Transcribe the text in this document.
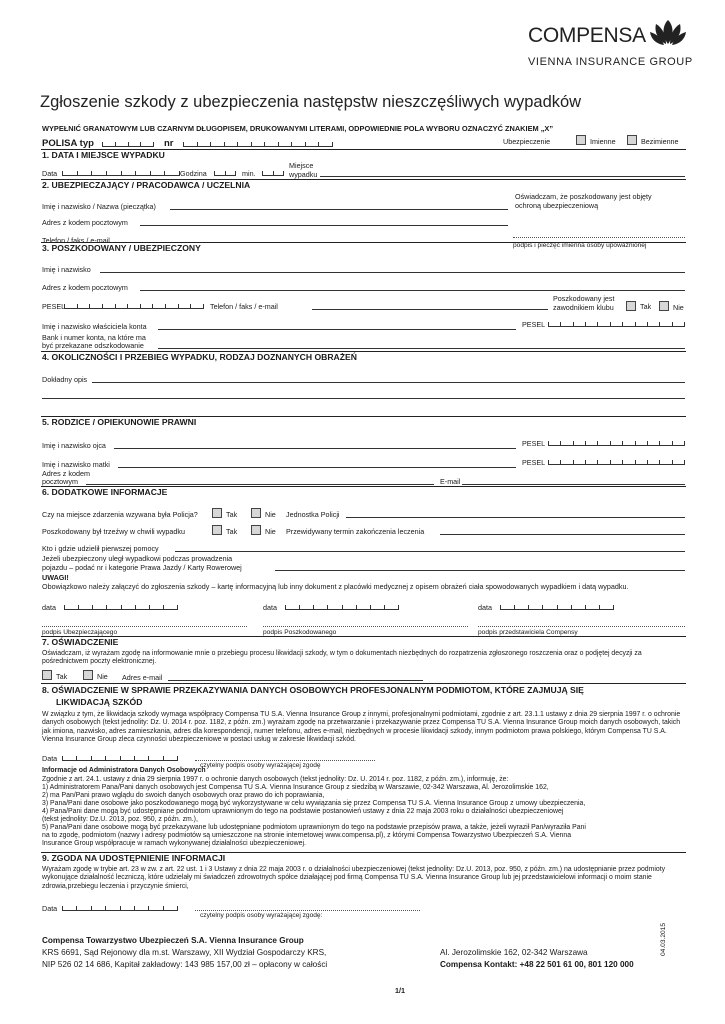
COMPENSA
VIENNA INSURANCE GROUP
Zgłoszenie szkody z ubezpieczenia następstw nieszczęśliwych wypadków
WYPEŁNIĆ GRANATOWYM LUB CZARNYM DŁUGOPISEM, DRUKOWANYMI LITERAMI, ODPOWIEDNIE POLA WYBORU OZNACZYĆ ZNAKIEM „X”
POLISA typ	nr	Ubezpieczenie	Imienne	Bezimienne
1. DATA I MIEJSCE WYPADKU
Data	Godzina	min.
Miejsce
wypadku
2. UBEZPIECZAJĄCY / PRACODAWCA / UCZELNIA
Imię i nazwisko / Nazwa (pieczątka)
Adres z kodem pocztowym
Telefon / faks / e-mail
Oświadczam, że poszkodowany jest objęty
ochroną ubezpieczeniową
podpis i pieczęć imienna osoby upoważnionej
3. POSZKODOWANY / UBEZPIECZONY
Imię i nazwisko
Adres z kodem pocztowym
PESEL	Telefon / faks / e-mail
Poszkodowany jest
zawodnikiem klubu	Tak	Nie
Imię i nazwisko właściciela konta	PESEL
Bank i numer konta, na które ma
być przekazane odszkodowanie
4. OKOLICZNOŚCI I PRZEBIEG WYPADKU, RODZAJ DOZNANYCH OBRAŻEŃ
Dokładny opis
5. RODZICE / OPIEKUNOWIE PRAWNI
Imię i nazwisko ojca	PESEL
Imię i nazwisko matki	PESEL
Adres z kodem
pocztowym	E-mail
6. DODATKOWE INFORMACJE
Czy na miejsce zdarzenia wzywana była Policja?	Tak	Nie Jednostka Policji
Poszkodowany był trzeźwy w chwili wypadku	Tak	Nie Przewidywany termin zakończenia leczenia
Kto i gdzie udzielił pierwszej pomocy
Jeżeli ubezpieczony uległ wypadkowi podczas prowadzenia
pojazdu – podać nr i kategorie Prawa Jazdy / Karty Rowerowej
UWAGI!
Obowiązkowo należy załączyć do zgłoszenia szkody – kartę informacyjną lub inny dokument z placówki medycznej z opisem obrażeń ciała spowodowanych wypadkiem i datą wypadku.
data	data	data
podpis Ubezpieczającego	podpis Poszkodowanego	podpis przedstawiciela Compensy
7. OŚWIADCZENIE
Oświadczam, iż wyrażam zgodę na informowanie mnie o przebiegu procesu likwidacji szkody, w tym o dokumentach niezbędnych do rozpatrzenia zgłoszonego roszczenia oraz o podjętej decyzji za pośrednictwem poczty elektronicznej.
Tak	Nie Adres e-mail
8. OŚWIADCZENIE W SPRAWIE PRZEKAZYWANIA DANYCH OSOBOWYCH PROFESJONALNYM PODMIOTOM, KTÓRE ZAJMUJĄ SIĘ
LIKWIDACJĄ SZKÓD
W związku z tym, że likwidacja szkody wymaga współpracy Compensa TU S.A. Vienna Insurance Group z innymi, profesjonalnymi podmiotami, zgodnie z art. 23.1.1 ustawy z dnia 29 sierpnia 1997 r. o ochronie danych osobowych (tekst jednolity: Dz. U. 2014 r. poz. 1182, z późn. zm.) wyrażam zgodę na przetwarzanie i przekazywanie przez Compensa TU S.A. Vienna Insurance Group moich danych osobowych, takich jak imiona, nazwisko, adres zamieszkania, adres dla korespondencji, numer telefonu, adres e-mail, niezbędnych w procesie likwidacji szkody, innym podmiotom prawa polskiego, którym Compensa TU S.A. Vienna Insurance Group zleca czynności ubezpieczeniowe w postaci usług w zakresie likwidacji szkód.
Data
czytelny podpis osoby wyrażającej zgodę
Informacje od Administratora Danych Osobowych
Zgodnie z art. 24.1. ustawy z dnia 29 sierpnia 1997 r. o ochronie danych osobowych (tekst jednolity: Dz. U. 2014 r. poz. 1182, z późn. zm.), informuję, że:
1) Administratorem Pana/Pani danych osobowych jest Compensa TU S.A. Vienna Insurance Group z siedzibą w Warszawie, 02-342 Warszawa, Al. Jerozolimskie 162,
2) ma Pan/Pani prawo wglądu do swoich danych osobowych oraz prawo do ich poprawiania,
3) Pana/Pani dane osobowe jako poszkodowanego mogą być wykorzystywane w celu wywiązania się przez Compensa TU S.A. Vienna Insurance Group z umowy ubezpieczenia,
4) Pana/Pani dane mogą być udostępniane podmiotom uprawnionym do tego na podstawie postanowień ustawy z dnia 22 maja 2003 roku o działalności ubezpieczeniowej
(tekst jednolity: Dz.U. 2013, poz. 950, z późn. zm.),
5) Pana/Pani dane osobowe mogą być przekazywane lub udostępniane podmiotom uprawnionym do tego na podstawie przepisów prawa, a także, jeżeli wyraził Pan/wyraziła Pani
na to zgodę, podmiotom (nazwy i adresy podmiotów są umieszczone na stronie internetowej www.compensa.pl), z którymi Compensa Towarzystwo Ubezpieczeń S.A. Vienna
Insurance Group współpracuje w ramach wykonywanej działalności ubezpieczeniowej.
9. ZGODA NA UDOSTĘPNIENIE INFORMACJI
Wyrażam zgodę w trybie art. 23 w zw. z art. 22 ust. 1 i 3 Ustawy z dnia 22 maja 2003 r. o działalności ubezpieczeniowej (tekst jednolity: Dz.U. 2013, poz. 950, z późn. zm.) na udostępnianie przez podmioty wykonujące działalność leczniczą, które udzielały mi świadczeń zdrowotnych spółce działającej pod firmą Compensa TU S.A. Vienna Insurance Group lub jej przedstawicielowi informacji o moim stanie zdrowia,przebiegu leczenia i przyczynie śmierci,
Data
czytelny podpis osoby wyrażającej zgodę:
Compensa Towarzystwo Ubezpieczeń S.A. Vienna Insurance Group
KRS 6691, Sąd Rejonowy dla m.st. Warszawy, XII Wydział Gospodarczy KRS,
NIP 526 02 14 686, Kapitał zakładowy: 143 985 157,00 zł – opłacony w całości
Al. Jerozolimskie 162, 02-342 Warszawa
Compensa Kontakt: +48 22 501 61 00, 801 120 000
04.03.2015
1/1
